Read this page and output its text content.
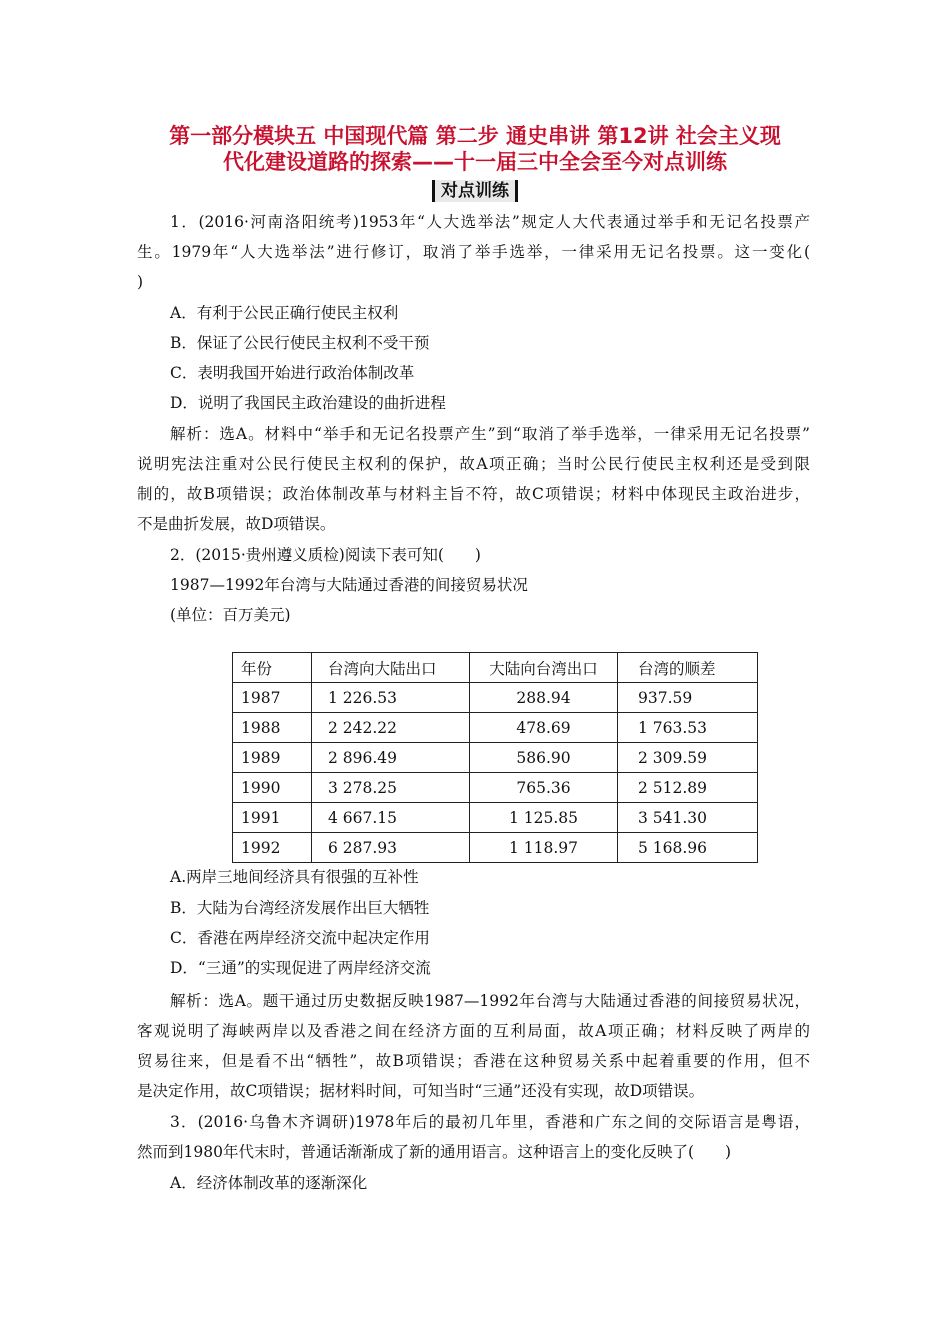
第一部分模块五 中国现代篇 第二步 通史串讲 第12讲 社会主义现
代化建设道路的探索——十一届三中全会至今对点训练
对点训练
1．(2016·河南洛阳统考)1953年“人大选举法”规定人大代表通过举手和无记名投票产
生。1979年“人大选举法”进行修订，取消了举手选举，一律采用无记名投票。这一变化(
)
A．有利于公民正确行使民主权利
B．保证了公民行使民主权利不受干预
C．表明我国开始进行政治体制改革
D．说明了我国民主政治建设的曲折进程
解析：选A。材料中“举手和无记名投票产生”到“取消了举手选举，一律采用无记名投票”
说明宪法注重对公民行使民主权利的保护，故A项正确；当时公民行使民主权利还是受到限
制的，故B项错误；政治体制改革与材料主旨不符，故C项错误；材料中体现民主政治进步，
不是曲折发展，故D项错误。
2．(2015·贵州遵义质检)阅读下表可知(　　)
1987—1992年台湾与大陆通过香港的间接贸易状况
(单位：百万美元)
年份	台湾向大陆出口	大陆向台湾出口	台湾的顺差
1987	1 226.53	288.94	937.59
1988	2 242.22	478.69	1 763.53
1989	2 896.49	586.90	2 309.59
1990	3 278.25	765.36	2 512.89
1991	4 667.15	1 125.85	3 541.30
1992	6 287.93	1 118.97	5 168.96
A.两岸三地间经济具有很强的互补性
B．大陆为台湾经济发展作出巨大牺牲
C．香港在两岸经济交流中起决定作用
D．“三通”的实现促进了两岸经济交流
解析：选A。题干通过历史数据反映1987—1992年台湾与大陆通过香港的间接贸易状况，
客观说明了海峡两岸以及香港之间在经济方面的互利局面，故A项正确；材料反映了两岸的
贸易往来，但是看不出“牺牲”，故B项错误；香港在这种贸易关系中起着重要的作用，但不
是决定作用，故C项错误；据材料时间，可知当时“三通”还没有实现，故D项错误。
3．(2016·乌鲁木齐调研)1978年后的最初几年里，香港和广东之间的交际语言是粤语，
然而到1980年代末时，普通话渐渐成了新的通用语言。这种语言上的变化反映了(　　)
A．经济体制改革的逐渐深化
